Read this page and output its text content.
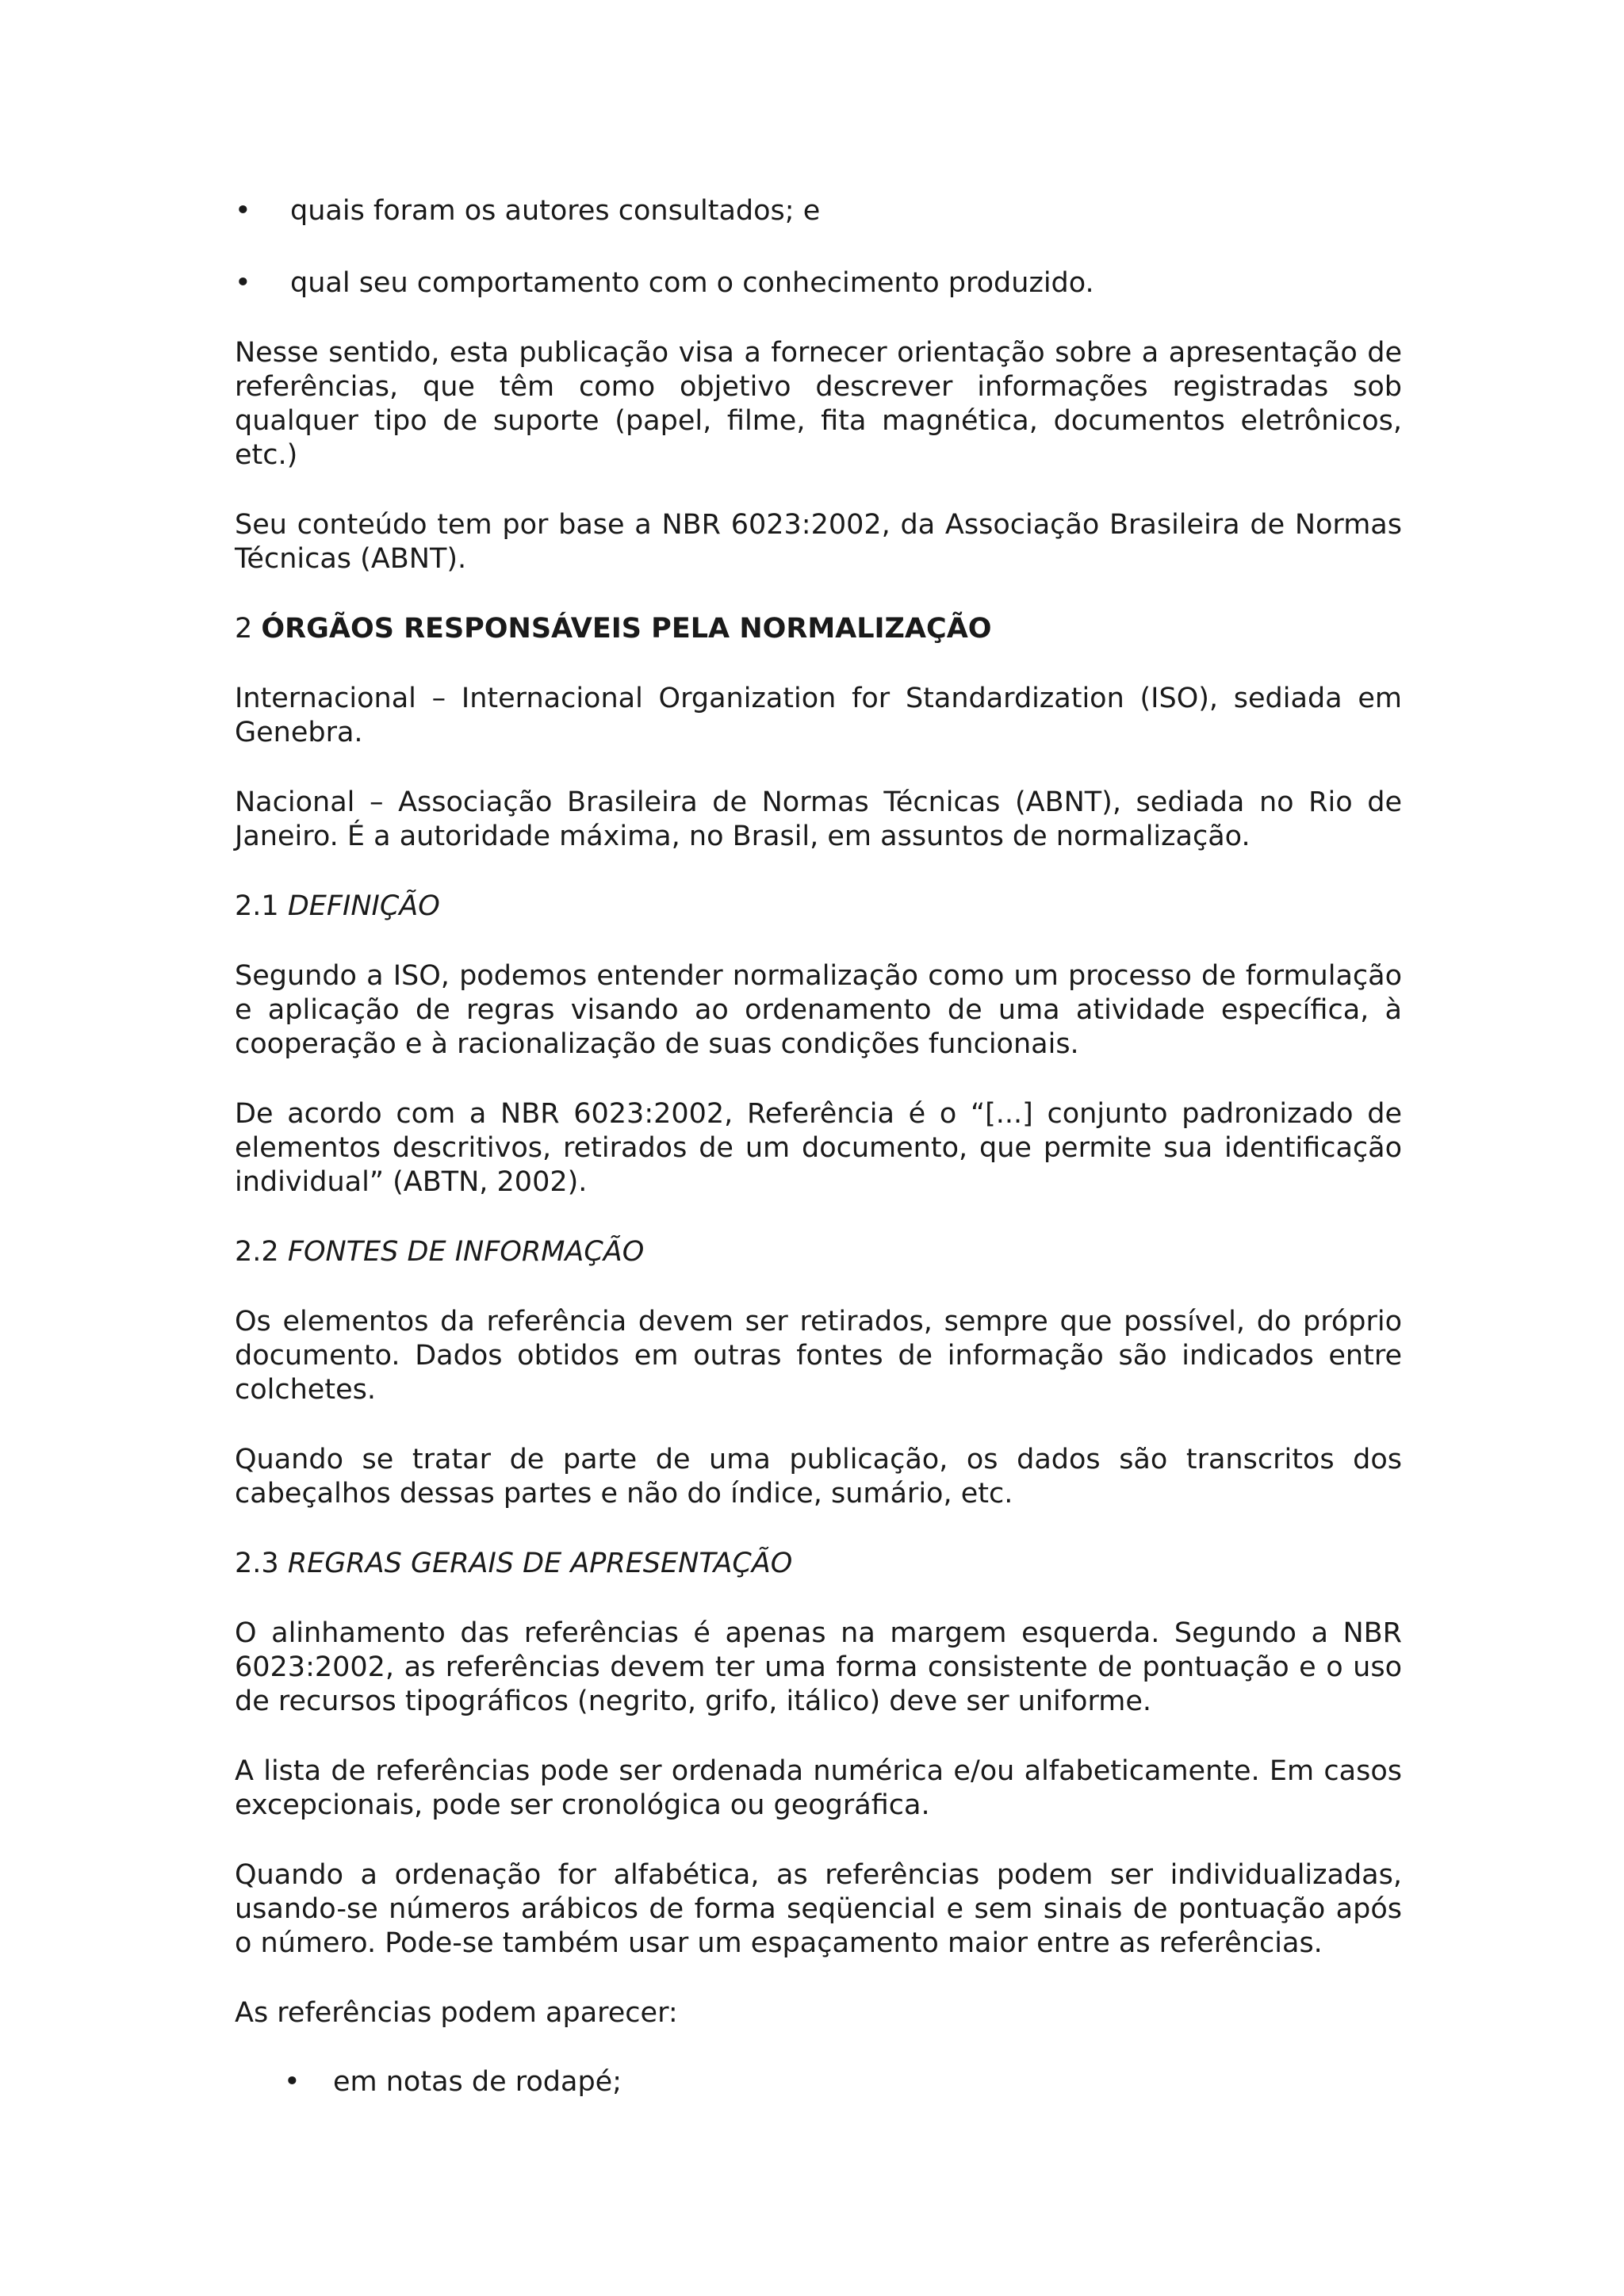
• quais foram os autores consultados; e
• qual seu comportamento com o conhecimento produzido.

Nesse sentido, esta publicação visa a fornecer orientação sobre a apresentação de referências, que têm como objetivo descrever informações registradas sob qualquer tipo de suporte (papel, filme, fita magnética, documentos eletrônicos, etc.)

Seu conteúdo tem por base a NBR 6023:2002, da Associação Brasileira de Normas Técnicas (ABNT).

2 ÓRGÃOS RESPONSÁVEIS PELA NORMALIZAÇÃO

Internacional – Internacional Organization for Standardization (ISO), sediada em Genebra.

Nacional – Associação Brasileira de Normas Técnicas (ABNT), sediada no Rio de Janeiro. É a autoridade máxima, no Brasil, em assuntos de normalização.

2.1 DEFINIÇÃO

Segundo a ISO, podemos entender normalização como um processo de formulação e aplicação de regras visando ao ordenamento de uma atividade específica, à cooperação e à racionalização de suas condições funcionais.

De acordo com a NBR 6023:2002, Referência é o “[...] conjunto padronizado de elementos descritivos, retirados de um documento, que permite sua identificação individual” (ABTN, 2002).

2.2 FONTES DE INFORMAÇÃO

Os elementos da referência devem ser retirados, sempre que possível, do próprio documento. Dados obtidos em outras fontes de informação são indicados entre colchetes.

Quando se tratar de parte de uma publicação, os dados são transcritos dos cabeçalhos dessas partes e não do índice, sumário, etc.

2.3 REGRAS GERAIS DE APRESENTAÇÃO

O alinhamento das referências é apenas na margem esquerda. Segundo a NBR 6023:2002, as referências devem ter uma forma consistente de pontuação e o uso de recursos tipográficos (negrito, grifo, itálico) deve ser uniforme.

A lista de referências pode ser ordenada numérica e/ou alfabeticamente. Em casos excepcionais, pode ser cronológica ou geográfica.

Quando a ordenação for alfabética, as referências podem ser individualizadas, usando-se números arábicos de forma seqüencial e sem sinais de pontuação após o número. Pode-se também usar um espaçamento maior entre as referências.

As referências podem aparecer:

• em notas de rodapé;
